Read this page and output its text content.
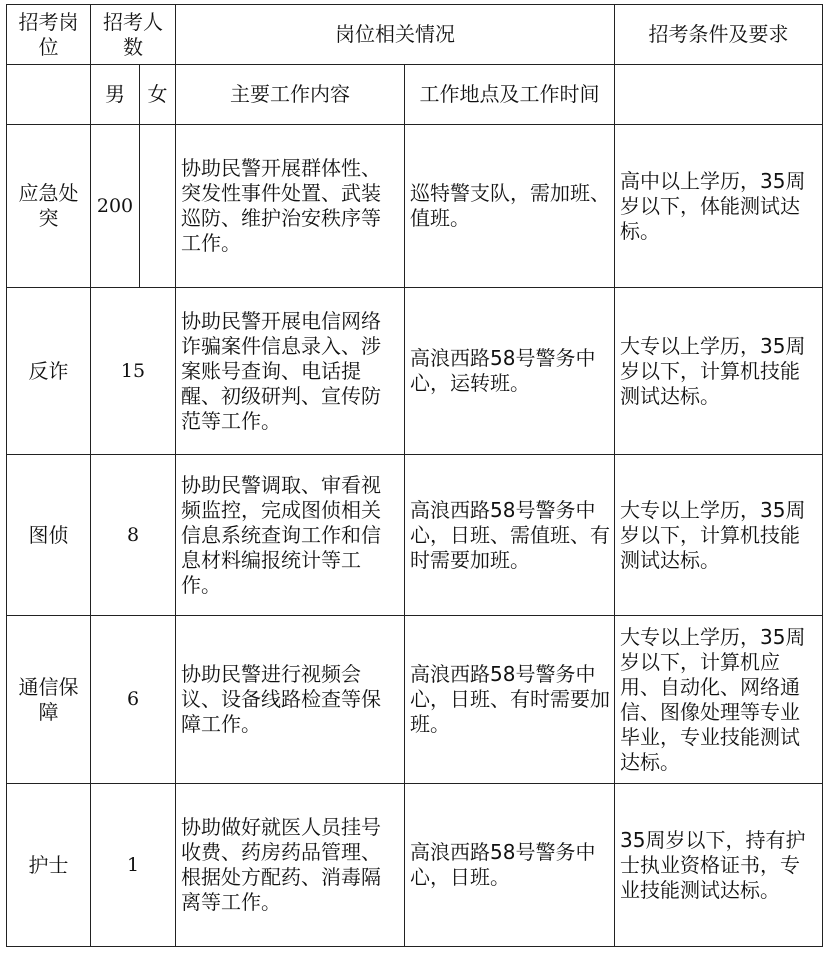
招考岗位	招考人数		岗位相关情况		招考条件及要求
	男	女	主要工作内容	工作地点及工作时间	
应急处突	200		协助民警开展群体性、突发性事件处置、武装巡防、维护治安秩序等工作。	巡特警支队，需加班、值班。	高中以上学历，35周岁以下，体能测试达标。
反诈	15		协助民警开展电信网络诈骗案件信息录入、涉案账号查询、电话提醒、初级研判、宣传防范等工作。	高浪西路58号警务中心，运转班。	大专以上学历，35周岁以下，计算机技能测试达标。
图侦	8		协助民警调取、审看视频监控，完成图侦相关信息系统查询工作和信息材料编报统计等工作。	高浪西路58号警务中心，日班、需值班、有时需要加班。	大专以上学历，35周岁以下，计算机技能测试达标。
通信保障	6		协助民警进行视频会议、设备线路检查等保障工作。	高浪西路58号警务中心，日班、有时需要加班。	大专以上学历，35周岁以下，计算机应用、自动化、网络通信、图像处理等专业毕业，专业技能测试达标。
护士	1		协助做好就医人员挂号收费、药房药品管理、根据处方配药、消毒隔离等工作。	高浪西路58号警务中心，日班。	35周岁以下，持有护士执业资格证书，专业技能测试达标。
